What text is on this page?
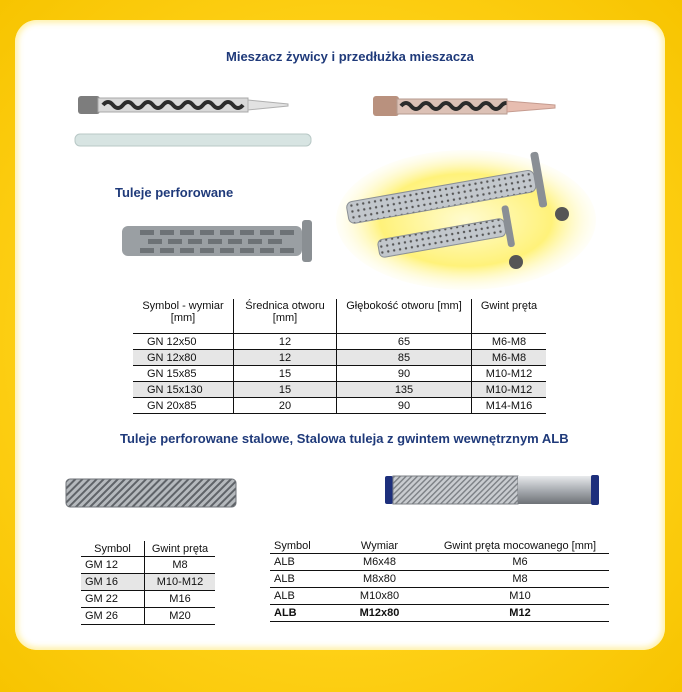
Mieszacz żywicy i przedłużka mieszacza
Tuleje perforowane
Symbol - wymiar [mm]	Średnica otworu [mm]	Głębokość otworu [mm]	Gwint pręta
GN 12x50	12	65	M6-M8
GN 12x80	12	85	M6-M8
GN 15x85	15	90	M10-M12
GN 15x130	15	135	M10-M12
GN 20x85	20	90	M14-M16
Tuleje perforowane stalowe, Stalowa tuleja z gwintem wewnętrznym ALB
Symbol	Gwint pręta
GM 12	M8
GM 16	M10-M12
GM 22	M16
GM 26	M20
Symbol	Wymiar	Gwint pręta mocowanego [mm]
ALB	M6x48	M6
ALB	M8x80	M8
ALB	M10x80	M10
ALB	M12x80	M12
